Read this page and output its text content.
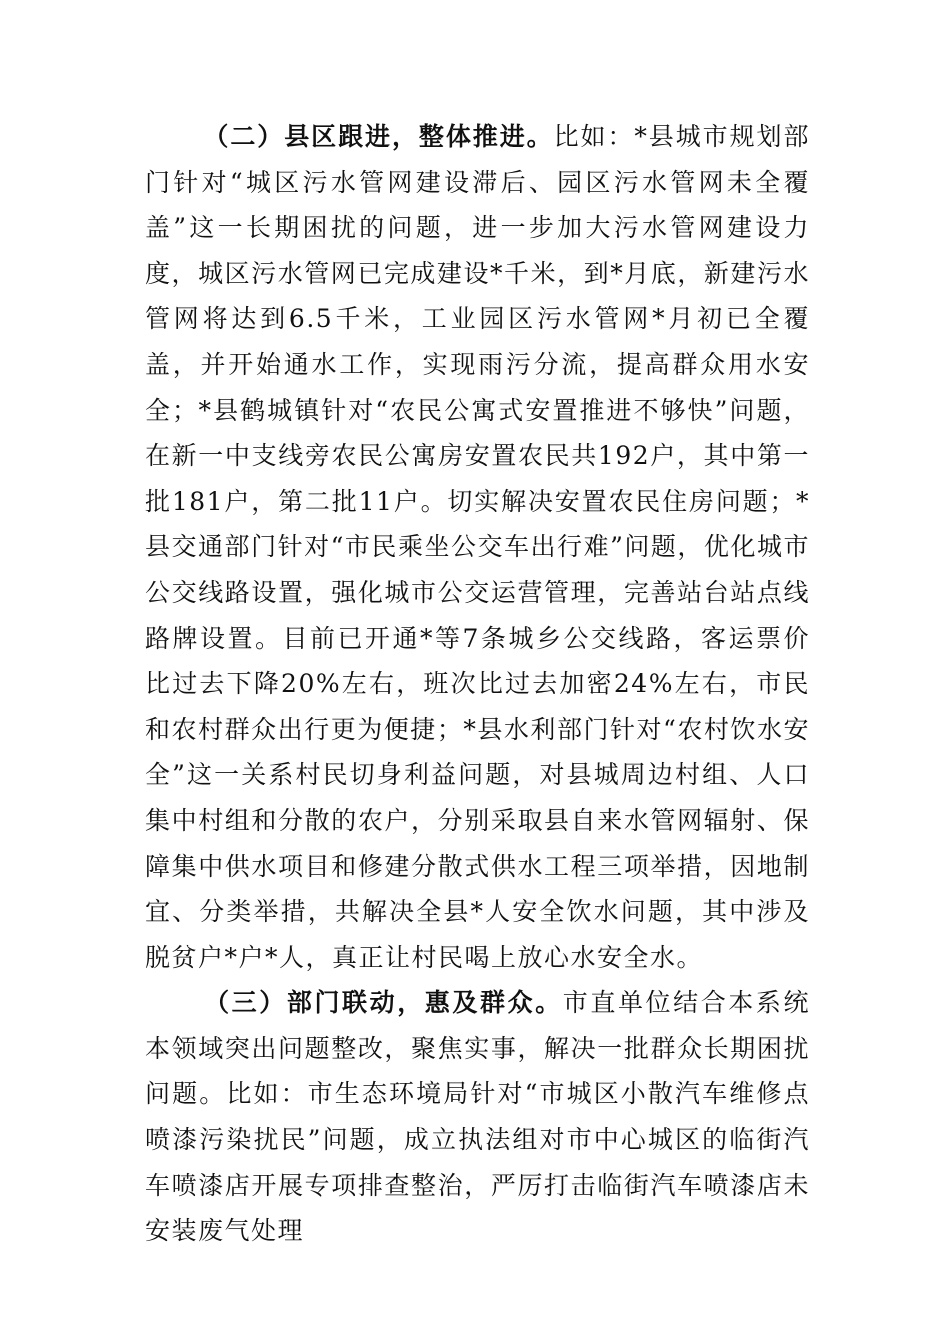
（二）县区跟进，整体推进。比如：*县城市规划部门针对“城区污水管网建设滞后、园区污水管网未全覆盖”这一长期困扰的问题，进一步加大污水管网建设力度，城区污水管网已完成建设*千米，到*月底，新建污水管网将达到6.5千米，工业园区污水管网*月初已全覆盖，并开始通水工作，实现雨污分流，提高群众用水安全；*县鹤城镇针对“农民公寓式安置推进不够快”问题，在新一中支线旁农民公寓房安置农民共192户，其中第一批181户，第二批11户。切实解决安置农民住房问题；*县交通部门针对“市民乘坐公交车出行难”问题，优化城市公交线路设置，强化城市公交运营管理，完善站台站点线路牌设置。目前已开通*等7条城乡公交线路，客运票价比过去下降20%左右，班次比过去加密24%左右，市民和农村群众出行更为便捷；*县水利部门针对“农村饮水安全”这一关系村民切身利益问题，对县城周边村组、人口集中村组和分散的农户，分别采取县自来水管网辐射、保障集中供水项目和修建分散式供水工程三项举措，因地制宜、分类举措，共解决全县*人安全饮水问题，其中涉及脱贫户*户*人，真正让村民喝上放心水安全水。

（三）部门联动，惠及群众。市直单位结合本系统本领域突出问题整改，聚焦实事，解决一批群众长期困扰问题。比如：市生态环境局针对“市城区小散汽车维修点喷漆污染扰民”问题，成立执法组对市中心城区的临街汽车喷漆店开展专项排查整治，严厉打击临街汽车喷漆店未安装废气处理
